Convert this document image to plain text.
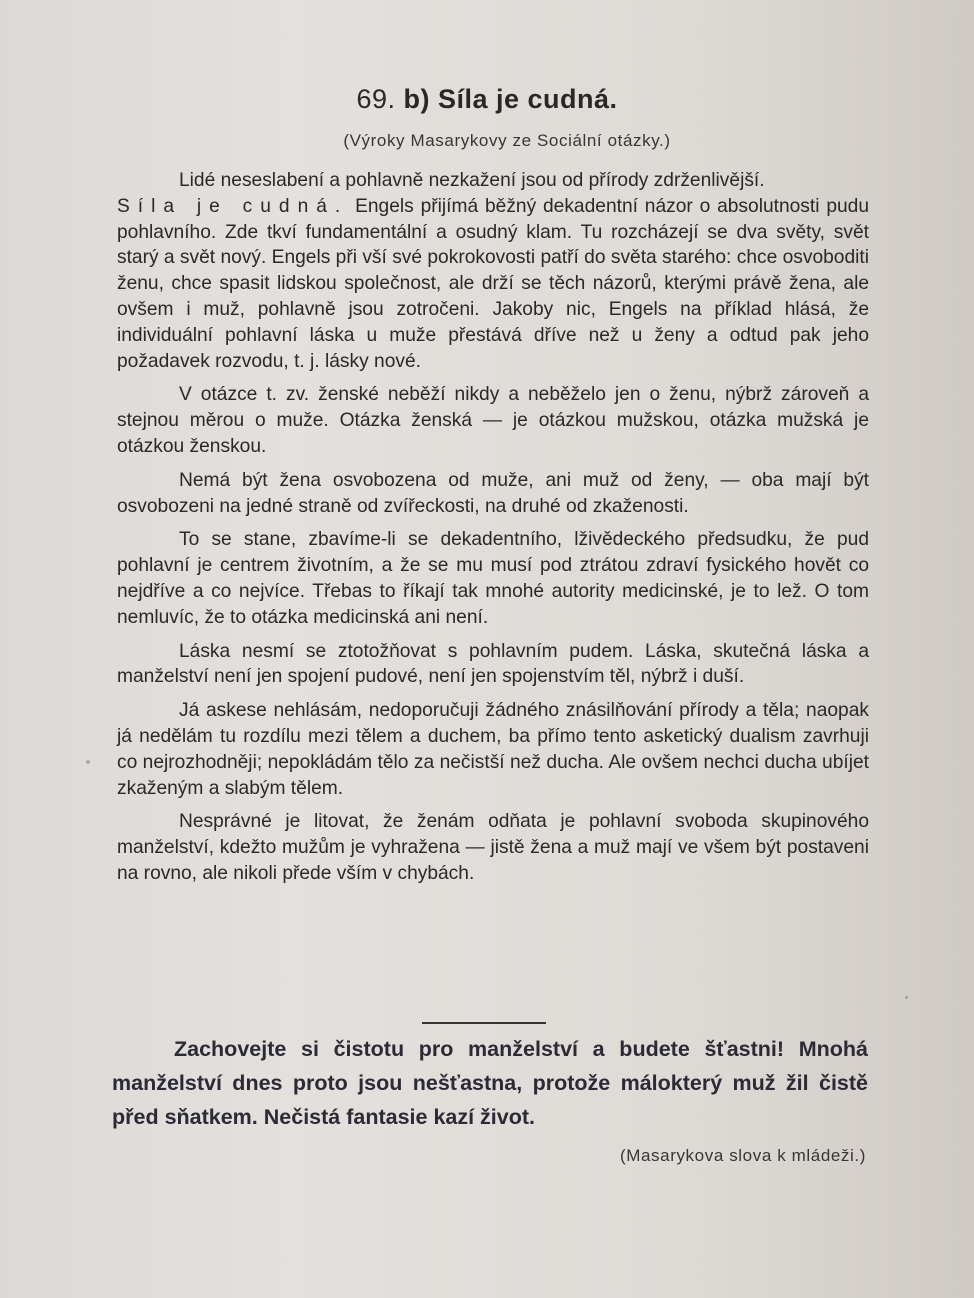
69. b) Síla je cudná.
(Výroky Masarykovy ze Sociální otázky.)

Lidé neseslabení a pohlavně nezkažení jsou od přírody zdrženlivější.

Síla je cudná. Engels přijímá běžný dekadentní názor o absolutnosti pudu pohlavního. Zde tkví fundamentální a osudný klam. Tu rozcházejí se dva světy, svět starý a svět nový. Engels při vší své pokrokovosti patří do světa starého: chce osvoboditi ženu, chce spasit lidskou společnost, ale drží se těch názorů, kterými právě žena, ale ovšem i muž, pohlavně jsou zotročeni. Jakoby nic, Engels na příklad hlásá, že individuální pohlavní láska u muže přestává dříve než u ženy a odtud pak jeho požadavek rozvodu, t. j. lásky nové.

V otázce t. zv. ženské neběží nikdy a neběželo jen o ženu, nýbrž zároveň a stejnou měrou o muže. Otázka ženská — je otázkou mužskou, otázka mužská je otázkou ženskou.

Nemá být žena osvobozena od muže, ani muž od ženy, — oba mají být osvobozeni na jedné straně od zvířeckosti, na druhé od zkaženosti.

To se stane, zbavíme-li se dekadentního, lživědeckého předsudku, že pud pohlavní je centrem životním, a že se mu musí pod ztrátou zdraví fysického hovět co nejdříve a co nejvíce. Třebas to říkají tak mnohé autority medicinské, je to lež. O tom nemluvíc, že to otázka medicinská ani není.

Láska nesmí se ztotožňovat s pohlavním pudem. Láska, skutečná láska a manželství není jen spojení pudové, není jen spojenstvím těl, nýbrž i duší.

Já askese nehlásám, nedoporučuji žádného znásilňování přírody a těla; naopak já nedělám tu rozdílu mezi tělem a duchem, ba přímo tento asketický dualism zavrhuji co nejrozhodněji; nepokládám tělo za nečistší než ducha. Ale ovšem nechci ducha ubíjet zkaženým a slabým tělem.

Nesprávné je litovat, že ženám odňata je pohlavní svoboda skupinového manželství, kdežto mužům je vyhražena — jistě žena a muž mají ve všem být postaveni na rovno, ale nikoli přede vším v chybách.

Zachovejte si čistotu pro manželství a budete šťastni! Mnohá manželství dnes proto jsou nešťastna, protože málokterý muž žil čistě před sňatkem. Nečistá fantasie kazí život.
(Masarykova slova k mládeži.)
